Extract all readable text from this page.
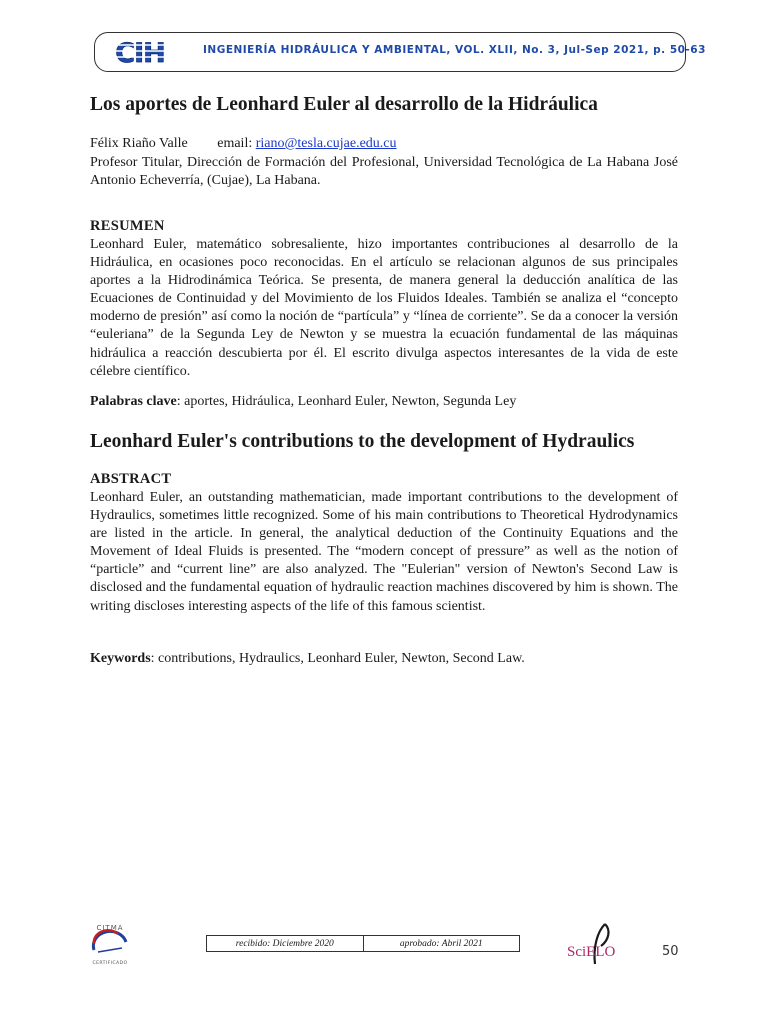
CIH	INGENIERÍA HIDRÁULICA Y AMBIENTAL, VOL. XLII, No. 3, Jul-Sep 2021, p. 50-63
Los aportes de Leonhard Euler al desarrollo de la Hidráulica
Félix Riaño Valle email: riano@tesla.cujae.edu.cu
Profesor Titular, Dirección de Formación del Profesional, Universidad Tecnológica de La Habana José Antonio Echeverría, (Cujae), La Habana.
RESUMEN
Leonhard Euler, matemático sobresaliente, hizo importantes contribuciones al desarrollo de la Hidráulica, en ocasiones poco reconocidas. En el artículo se relacionan algunos de sus principales aportes a la Hidrodinámica Teórica. Se presenta, de manera general la deducción analítica de las Ecuaciones de Continuidad y del Movimiento de los Fluidos Ideales. También se analiza el “concepto moderno de presión” así como la noción de “partícula” y “línea de corriente”. Se da a conocer la versión “euleriana” de la Segunda Ley de Newton y se muestra la ecuación fundamental de las máquinas hidráulica a reacción descubierta por él. El escrito divulga aspectos interesantes de la vida de este célebre científico.
Palabras clave: aportes, Hidráulica, Leonhard Euler, Newton, Segunda Ley
Leonhard Euler's contributions to the development of Hydraulics
ABSTRACT
Leonhard Euler, an outstanding mathematician, made important contributions to the development of Hydraulics, sometimes little recognized. Some of his main contributions to Theoretical Hydrodynamics are listed in the article. In general, the analytical deduction of the Continuity Equations and the Movement of Ideal Fluids is presented. The “modern concept of pressure” as well as the notion of “particle” and “current line” are also analyzed. The "Eulerian" version of Newton's Second Law is disclosed and the fundamental equation of hydraulic reaction machines discovered by him is shown. The writing discloses interesting aspects of the life of this famous scientist.
Keywords: contributions, Hydraulics, Leonhard Euler, Newton, Second Law.
CITMA
CERTIFICADO
recibido: Diciembre 2020	aprobado: Abril 2021
SciELO	50
